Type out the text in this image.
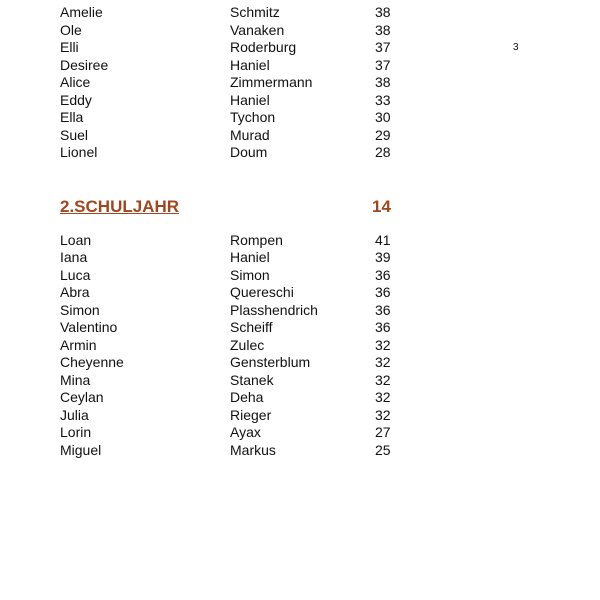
3
Amelie	Schmitz	38
Ole	Vanaken	38
Elli	Roderburg	37
Desiree	Haniel	37
Alice	Zimmermann	38
Eddy	Haniel	33
Ella	Tychon	30
Suel	Murad	29
Lionel	Doum	28
2.SCHULJAHR	14
Loan	Rompen	41
Iana	Haniel	39
Luca	Simon	36
Abra	Quereschi	36
Simon	Plasshendrich	36
Valentino	Scheiff	36
Armin	Zulec	32
Cheyenne	Gensterblum	32
Mina	Stanek	32
Ceylan	Deha	32
Julia	Rieger	32
Lorin	Ayax	27
Miguel	Markus	25
